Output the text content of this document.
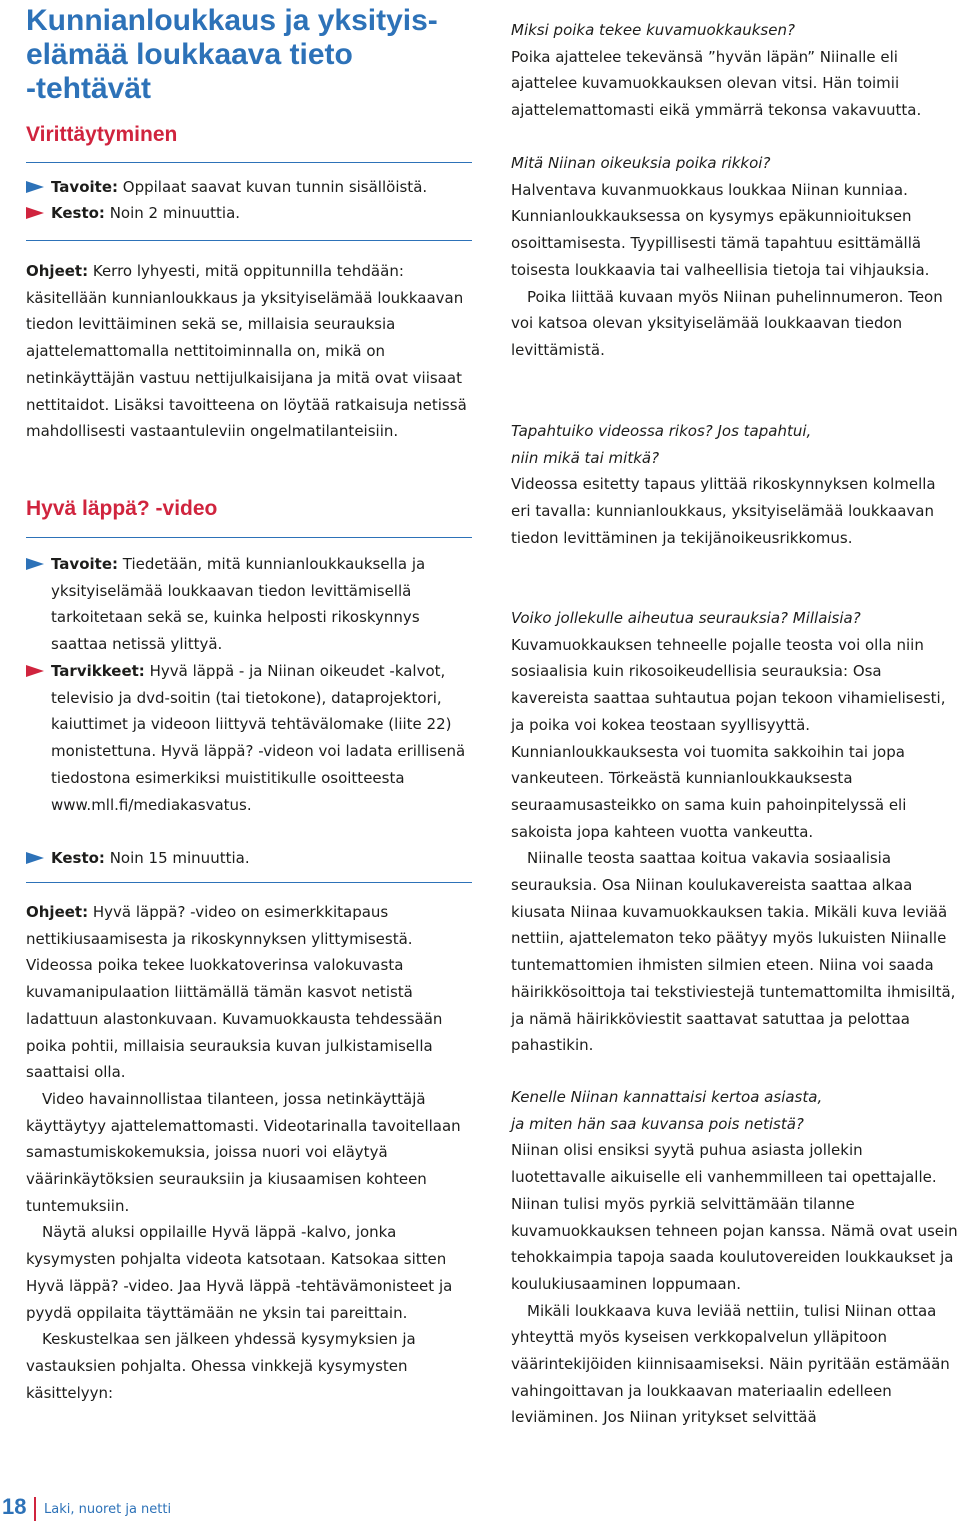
Kunnianloukkaus ja yksityis-
elämää loukkaava tieto
-tehtävät
Virittäytyminen
Tavoite: Oppilaat saavat kuvan tunnin sisällöistä.
Kesto: Noin 2 minuuttia.

Ohjeet: Kerro lyhyesti, mitä oppitunnilla tehdään: käsitellään kunnianloukkaus ja yksityiselämää loukkaavan tiedon levittäiminen sekä se, millaisia seurauksia ajattelemattomalla nettitoiminnalla on, mikä on netinkäyttäjän vastuu nettijulkaisijana ja mitä ovat viisaat nettitaidot. Lisäksi tavoitteena on löytää ratkaisuja netissä mahdollisesti vastaantuleviin ongelmatilanteisiin.

Hyvä läppä? -video
Tavoite: Tiedetään, mitä kunnianloukkauksella ja yksityiselämää loukkaavan tiedon levittämisellä tarkoitetaan sekä se, kuinka helposti rikoskynnys saattaa netissä ylittyä.
Tarvikkeet: Hyvä läppä - ja Niinan oikeudet -kalvot, televisio ja dvd-soitin (tai tietokone), dataprojektori, kaiuttimet ja videoon liittyvä tehtävälomake (liite 22) monistettuna. Hyvä läppä? -videon voi ladata erillisenä tiedostona esimerkiksi muistitikulle osoitteesta www.mll.fi/mediakasvatus.
Kesto: Noin 15 minuuttia.

Ohjeet: Hyvä läppä? -video on esimerkkitapaus nettikiusaamisesta ja rikoskynnyksen ylittymisestä. Videossa poika tekee luokkatoverinsa valokuvasta kuvamanipulaation liittämällä tämän kasvot netistä ladattuun alastonkuvaan. Kuvamuokkausta tehdessään poika pohtii, millaisia seurauksia kuvan julkistamisella saattaisi olla.

Video havainnollistaa tilanteen, jossa netinkäyttäjä käyttäytyy ajattelemattomasti. Videotarinalla tavoitellaan samastumiskokemuksia, joissa nuori voi eläytyä väärinkäytöksien seurauksiin ja kiusaamisen kohteen tuntemuksiin.

Näytä aluksi oppilaille Hyvä läppä -kalvo, jonka kysymysten pohjalta videota katsotaan. Katsokaa sitten Hyvä läppä? -video. Jaa Hyvä läppä -tehtävämonisteet ja pyydä oppilaita täyttämään ne yksin tai pareittain.

Keskustelkaa sen jälkeen yhdessä kysymyksien ja vastauksien pohjalta. Ohessa vinkkejä kysymysten käsittelyyn:

Miksi poika tekee kuvamuokkauksen?

Poika ajattelee tekevänsä ”hyvän läpän” Niinalle eli ajattelee kuvamuokkauksen olevan vitsi. Hän toimii ajattelemattomasti eikä ymmärrä tekonsa vakavuutta.

Mitä Niinan oikeuksia poika rikkoi?

Halventava kuvanmuokkaus loukkaa Niinan kunniaa. Kunnianloukkauksessa on kysymys epäkunnioituksen osoittamisesta. Tyypillisesti tämä tapahtuu esittämällä toisesta loukkaavia tai valheellisia tietoja tai vihjauksia.

Poika liittää kuvaan myös Niinan puhelinnumeron. Teon voi katsoa olevan yksityiselämää loukkaavan tiedon levittämistä.

Tapahtuiko videossa rikos? Jos tapahtui,

niin mikä tai mitkä?

Videossa esitetty tapaus ylittää rikoskynnyksen kolmella eri tavalla: kunnianloukkaus, yksityiselämää loukkaavan tiedon levittäminen ja tekijänoikeusrikkomus.

Voiko jollekulle aiheutua seurauksia? Millaisia?

Kuvamuokkauksen tehneelle pojalle teosta voi olla niin sosiaalisia kuin rikosoikeudellisia seurauksia: Osa kavereista saattaa suhtautua pojan tekoon vihamielisesti, ja poika voi kokea teostaan syyllisyyttä. Kunnianloukkauksesta voi tuomita sakkoihin tai jopa vankeuteen. Törkeästä kunnianloukkauksesta seuraamusasteikko on sama kuin pahoinpitelyssä eli sakoista jopa kahteen vuotta vankeutta.

Niinalle teosta saattaa koitua vakavia sosiaalisia seurauksia. Osa Niinan koulukavereista saattaa alkaa kiusata Niinaa kuvamuokkauksen takia. Mikäli kuva leviää nettiin, ajattelematon teko päätyy myös lukuisten Niinalle tuntemattomien ihmisten silmien eteen. Niina voi saada häirikkösoittoja tai tekstiviestejä tuntemattomilta ihmisiltä, ja nämä häirikköviestit saattavat satuttaa ja pelottaa pahastikin.

Kenelle Niinan kannattaisi kertoa asiasta,

ja miten hän saa kuvansa pois netistä?

Niinan olisi ensiksi syytä puhua asiasta jollekin luotettavalle aikuiselle eli vanhemmilleen tai opettajalle. Niinan tulisi myös pyrkiä selvittämään tilanne kuvamuokkauksen tehneen pojan kanssa. Nämä ovat usein tehokkaimpia tapoja saada koulutovereiden loukkaukset ja koulukiusaaminen loppumaan.

Mikäli loukkaava kuva leviää nettiin, tulisi Niinan ottaa yhteyttä myös kyseisen verkkopalvelun ylläpitoon väärintekijöiden kiinnisaamiseksi. Näin pyritään estämään vahingoittavan ja loukkaavan materiaalin edelleen leviäminen. Jos Niinan yritykset selvittää

18 Laki, nuoret ja netti
